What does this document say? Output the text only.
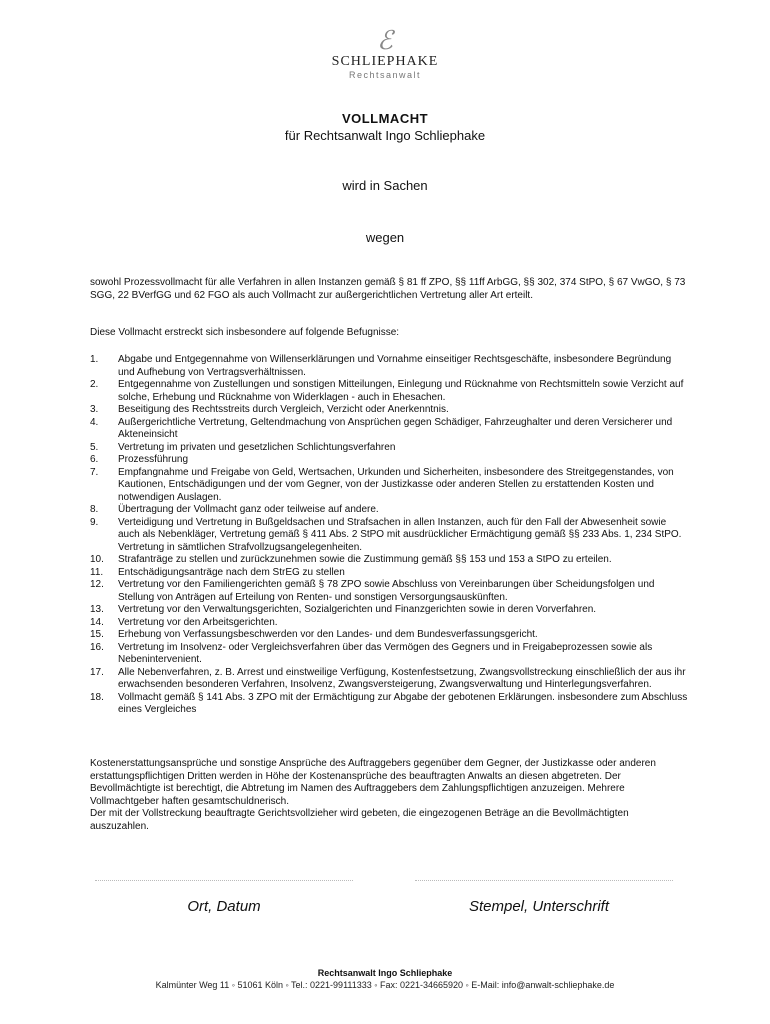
ℰ
SCHLIEPHAKE
Rechtsanwalt
VOLLMACHT
für Rechtsanwalt Ingo Schliephake
wird in Sachen
wegen
sowohl Prozessvollmacht für alle Verfahren in allen Instanzen gemäß § 81 ff ZPO, §§ 11ff ArbGG, §§ 302, 374 StPO, § 67 VwGO, § 73 SGG, 22 BVerfGG und 62 FGO als auch Vollmacht zur außergerichtlichen Vertretung aller Art erteilt.
Diese Vollmacht erstreckt sich insbesondere auf folgende Befugnisse:
1.	Abgabe und Entgegennahme von Willenserklärungen und Vornahme einseitiger Rechtsgeschäfte, insbesondere Begründung und Aufhebung von Vertragsverhältnissen.
2.	Entgegennahme von Zustellungen und sonstigen Mitteilungen, Einlegung und Rücknahme von Rechtsmitteln sowie Verzicht auf solche, Erhebung und Rücknahme von Widerklagen - auch in Ehesachen.
3.	Beseitigung des Rechtsstreits durch Vergleich, Verzicht oder Anerkenntnis.
4.	Außergerichtliche Vertretung, Geltendmachung von Ansprüchen gegen Schädiger, Fahrzeughalter und deren Versicherer und Akteneinsicht
5.	Vertretung im privaten und gesetzlichen Schlichtungsverfahren
6.	Prozessführung
7.	Empfangnahme und Freigabe von Geld, Wertsachen, Urkunden und Sicherheiten, insbesondere des Streitgegenstandes, von Kautionen, Entschädigungen und der vom Gegner, von der Justizkasse oder anderen Stellen zu erstattenden Kosten und notwendigen Auslagen.
8.	Übertragung der Vollmacht ganz oder teilweise auf andere.
9.	Verteidigung und Vertretung in Bußgeldsachen und Strafsachen in allen Instanzen, auch für den Fall der Abwesenheit sowie auch als Nebenkläger, Vertretung gemäß § 411 Abs. 2 StPO mit ausdrücklicher Ermächtigung gemäß §§ 233 Abs. 1, 234 StPO. Vertretung in sämtlichen Strafvollzugsangelegenheiten.
10.	Strafanträge zu stellen und zurückzunehmen sowie die Zustimmung gemäß §§ 153 und 153 a StPO zu erteilen.
11.	Entschädigungsanträge nach dem StrEG zu stellen
12.	Vertretung vor den Familiengerichten gemäß § 78 ZPO sowie Abschluss von Vereinbarungen über Scheidungsfolgen und Stellung von Anträgen auf Erteilung von Renten- und sonstigen Versorgungsauskünften.
13.	Vertretung vor den Verwaltungsgerichten, Sozialgerichten und Finanzgerichten sowie in deren Vorverfahren.
14.	Vertretung vor den Arbeitsgerichten.
15.	Erhebung von Verfassungsbeschwerden vor den Landes- und dem Bundesverfassungsgericht.
16.	Vertretung im Insolvenz- oder Vergleichsverfahren über das Vermögen des Gegners und in Freigabeprozessen sowie als Nebenintervenient.
17.	Alle Nebenverfahren, z. B. Arrest und einstweilige Verfügung, Kostenfestsetzung, Zwangsvollstreckung einschließlich der aus ihr erwachsenden besonderen Verfahren, Insolvenz, Zwangsversteigerung, Zwangsverwaltung und Hinterlegungsverfahren.
18.	Vollmacht gemäß § 141 Abs. 3 ZPO mit der Ermächtigung zur Abgabe der gebotenen Erklärungen. insbesondere zum Abschluss eines Vergleiches
Kostenerstattungsansprüche und sonstige Ansprüche des Auftraggebers gegenüber dem Gegner, der Justizkasse oder anderen erstattungspflichtigen Dritten werden in Höhe der Kostenansprüche des beauftragten Anwalts an diesen abgetreten. Der Bevollmächtigte ist berechtigt, die Abtretung im Namen des Auftraggebers dem Zahlungspflichtigen anzuzeigen. Mehrere Vollmachtgeber haften gesamtschuldnerisch.
Der mit der Vollstreckung beauftragte Gerichtsvollzieher wird gebeten, die eingezogenen Beträge an die Bevollmächtigten auszuzahlen.
Ort, Datum	Stempel, Unterschrift
Rechtsanwalt Ingo Schliephake
Kalmünter Weg 11 ◦ 51061 Köln ◦ Tel.: 0221-99111333 ◦ Fax: 0221-34665920 ◦ E-Mail: info@anwalt-schliephake.de
